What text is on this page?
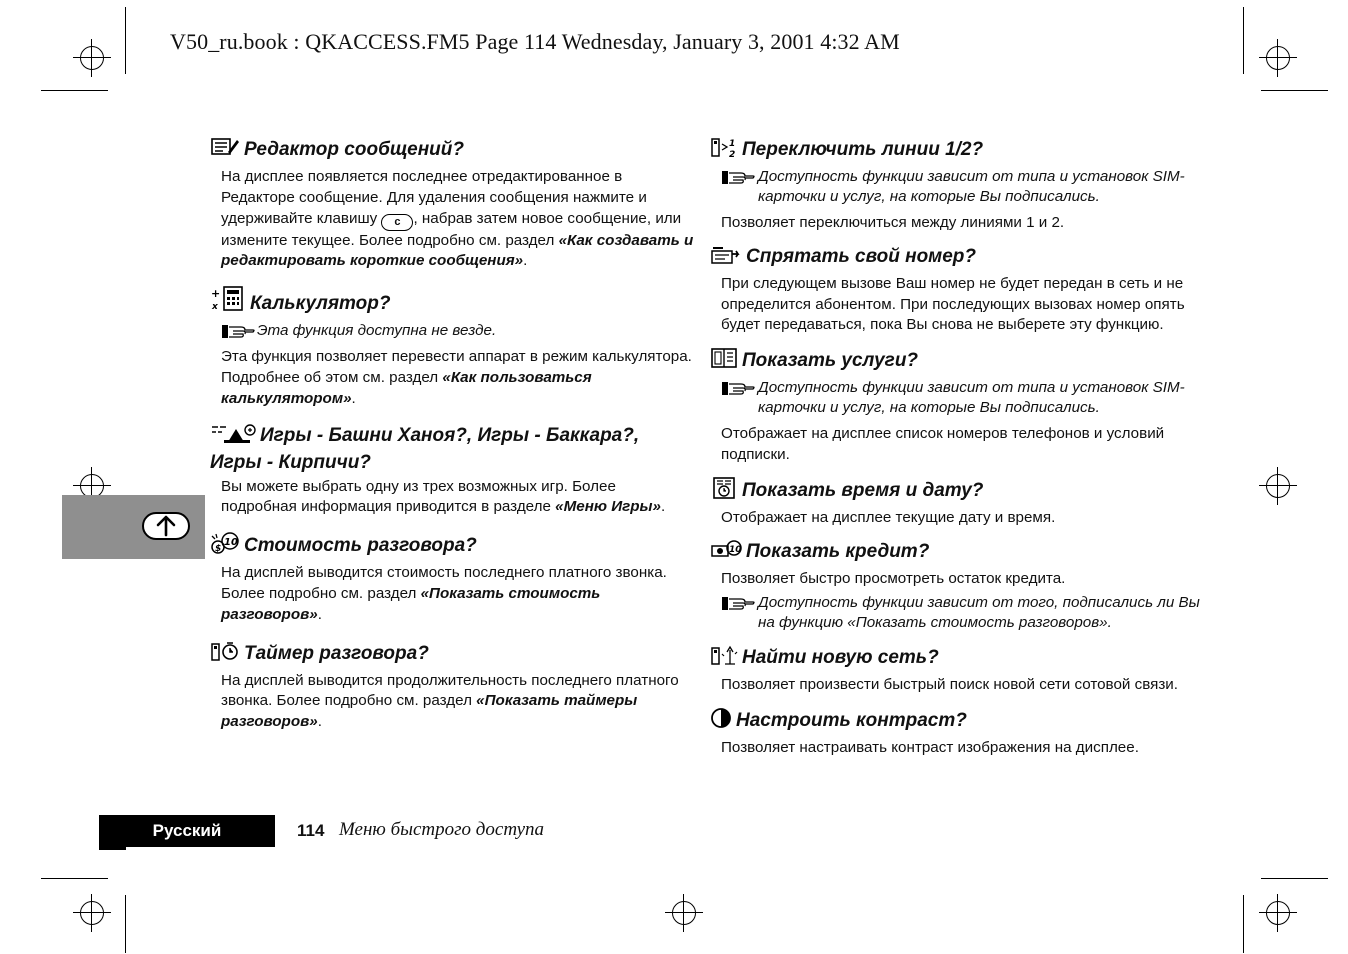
V50_ru.book : QKACCESS.FM5 Page 114 Wednesday, January 3, 2001 4:32 AM
Редактор сообщений?
На дисплее появляется последнее отредактированное в Редакторе сообщение. Для удаления сообщения нажмите и удерживайте клавишу c , набрав затем новое сообщение, или измените текущее. Более подробно см. раздел «Как создавать и редактировать короткие сообщения».
+
x Калькулятор?
Эта функция доступна не везде.
Эта функция позволяет перевести аппарат в режим калькулятора. Подробнее об этом см. раздел «Как пользоваться калькулятором».
Игры - Башни Ханоя?, Игры - Баккара?, Игры - Кирпичи?
Вы можете выбрать одну из трех возможных игр. Более подробная информация приводится в разделе «Меню Игры».
$
10 Стоимость разговора?
На дисплей выводится стоимость последнего платного звонка. Более подробно см. раздел «Показать стоимость разговоров».
Таймер разговора?
На дисплей выводится продолжительность последнего платного звонка. Более подробно см. раздел «Показать таймеры разговоров».
1
2 Переключить линии 1/2?
Доступность функции зависит от типа и установок SIM-карточки и услуг, на которые Вы подписались.
Позволяет переключиться между линиями 1 и 2.
Спрятать свой номер?
При следующем вызове Ваш номер не будет передан в сеть и не определится абонентом. При последующих вызовах номер опять будет передаваться, пока Вы снова не выберете эту функцию.
Показать услуги?
Доступность функции зависит от типа и установок SIM-карточки и услуг, на которые Вы подписались.
Отображает на дисплее список номеров телефонов и условий подписки.
Показать время и дату?
Отображает на дисплее текущие дату и время.
10 Показать кредит?
Позволяет быстро просмотреть остаток кредита.
Доступность функции зависит от того, подписались ли Вы на функцию «Показать стоимость разговоров».
Найти новую сеть?
Позволяет произвести быстрый поиск новой сети сотовой связи.
Настроить контраст?
Позволяет настраивать контраст изображения на дисплее.
Русский	114 Меню быстрого доступа
